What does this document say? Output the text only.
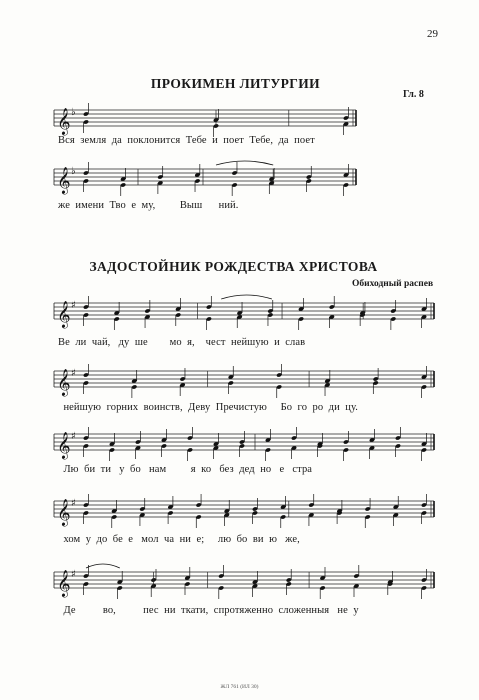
29
ПРОКИМЕН ЛИТУРГИИ
Гл. 8
𝄞 ♭
Вся  земля  да  поклонится  Тебе  и  поет  Тебе,  да  поет
𝄞 ♭
же  имени  Тво  е  му,         Выш      ний.
ЗАДОСТОЙНИК РОЖДЕСТВА ХРИСТОВА
Обиходный распев
𝄞 ♯
Ве  ли  чай,   ду  ше        мо  я,    чест  нейшую  и  слав
𝄞 ♯
нейшую  горних  воинств,  Деву  Пречистую     Бо  го  ро  ди  цу.
𝄞 ♯
Лю  би  ти   у  бо   нам         я  ко   без  дед  но   е   стра
𝄞 ♯
хом  у  до  бе  е   мол  ча  ни  е;     лю  бо  ви  ю   же,
𝄞 ♯
Де          во,          пес  ни  ткати,  спротяженно  сложенныя   не  у
ЖЛ 761 (ИЛ 30)
